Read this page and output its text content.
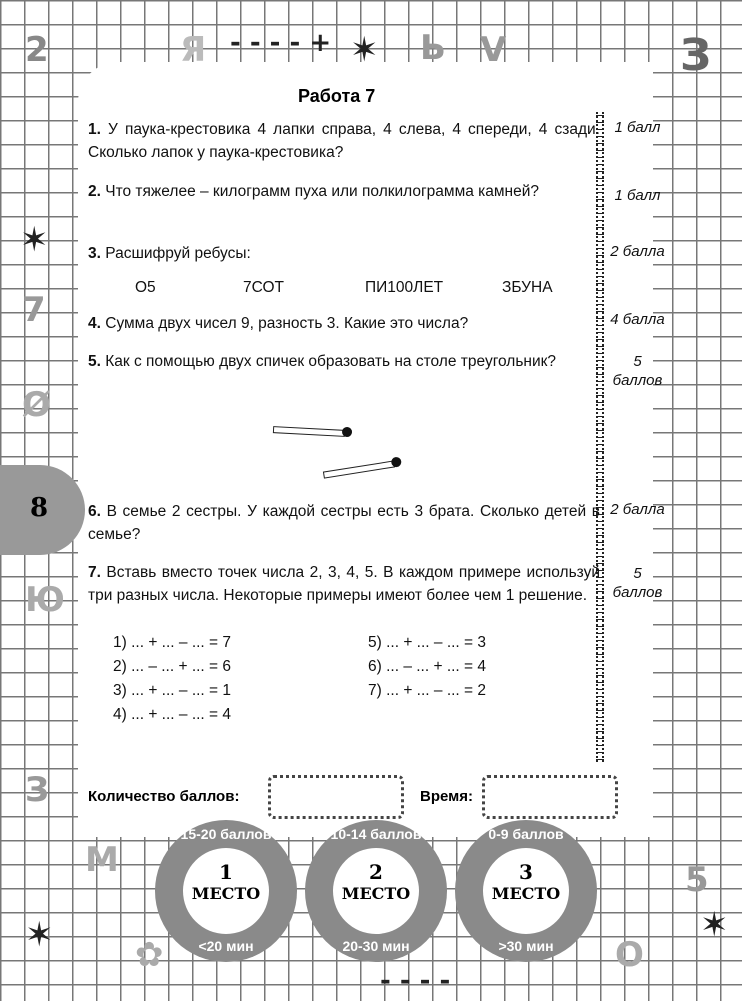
2	Я - - - - + ✶ Ь V	З
✶
7
Ø
8
Ю
З
M
✶ ✿
- - - -
5
O
✶
Работа 7
1. У паука-крестовика 4 лапки справа, 4 слева, 4 спереди, 4 сзади. Сколько лапок у паука-крестовика?
1 балл
2. Что тяжелее – килограмм пуха или полкилограмма камней?	1 балл
3. Расшифруй ребусы:	2 балла
О5	7СОТ	ПИ100ЛЕТ	ЗБУНА
4. Сумма двух чисел 9, разность 3. Какие это числа?	4 балла
5. Как с помощью двух спичек образовать на столе треугольник?	5 баллов
6. В семье 2 сестры. У каждой сестры есть 3 брата. Сколько детей в семье?
2 балла
7. Вставь вместо точек числа 2, 3, 4, 5. В каждом примере используй три разных числа. Некоторые примеры имеют более чем 1 решение.
5 баллов
1) ... + ... – ... = 7
2) ... – ... + ... = 6
3) ... + ... – ... = 1
4) ... + ... – ... = 4
5) ... + ... – ... = 3
6) ... – ... + ... = 4
7) ... + ... – ... = 2
Количество баллов:	Время:
15-20 баллов
1
МЕСТО
<20 мин
10-14 баллов
2
МЕСТО
20-30 мин
0-9 баллов
3
МЕСТО
>30 мин
